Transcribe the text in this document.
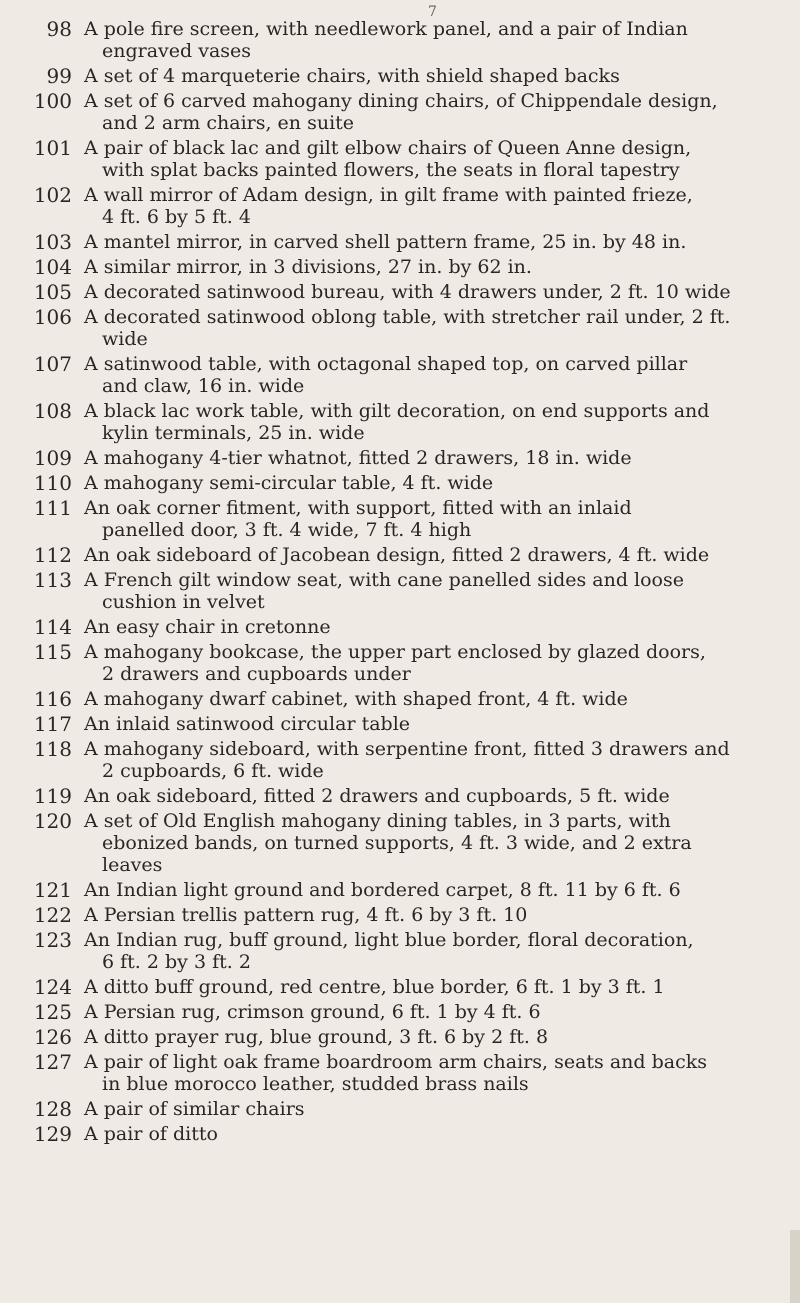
7
98 A pole fire screen, with needlework panel, and a pair of Indian
engraved vases
99 A set of 4 marqueterie chairs, with shield shaped backs
100 A set of 6 carved mahogany dining chairs, of Chippendale design,
and 2 arm chairs, en suite
101 A pair of black lac and gilt elbow chairs of Queen Anne design,
with splat backs painted flowers, the seats in floral tapestry
102 A wall mirror of Adam design, in gilt frame with painted frieze,
4 ft. 6 by 5 ft. 4
103 A mantel mirror, in carved shell pattern frame, 25 in. by 48 in.
104 A similar mirror, in 3 divisions, 27 in. by 62 in.
105 A decorated satinwood bureau, with 4 drawers under, 2 ft. 10 wide
106 A decorated satinwood oblong table, with stretcher rail under, 2 ft.
wide
107 A satinwood table, with octagonal shaped top, on carved pillar
and claw, 16 in. wide
108 A black lac work table, with gilt decoration, on end supports and
kylin terminals, 25 in. wide
109 A mahogany 4-tier whatnot, fitted 2 drawers, 18 in. wide
110 A mahogany semi-circular table, 4 ft. wide
111 An oak corner fitment, with support, fitted with an inlaid
panelled door, 3 ft. 4 wide, 7 ft. 4 high
112 An oak sideboard of Jacobean design, fitted 2 drawers, 4 ft. wide
113 A French gilt window seat, with cane panelled sides and loose
cushion in velvet
114 An easy chair in cretonne
115 A mahogany bookcase, the upper part enclosed by glazed doors,
2 drawers and cupboards under
116 A mahogany dwarf cabinet, with shaped front, 4 ft. wide
117 An inlaid satinwood circular table
118 A mahogany sideboard, with serpentine front, fitted 3 drawers and
2 cupboards, 6 ft. wide
119 An oak sideboard, fitted 2 drawers and cupboards, 5 ft. wide
120 A set of Old English mahogany dining tables, in 3 parts, with
ebonized bands, on turned supports, 4 ft. 3 wide, and 2 extra
leaves
121 An Indian light ground and bordered carpet, 8 ft. 11 by 6 ft. 6
122 A Persian trellis pattern rug, 4 ft. 6 by 3 ft. 10
123 An Indian rug, buff ground, light blue border, floral decoration,
6 ft. 2 by 3 ft. 2
124 A ditto buff ground, red centre, blue border, 6 ft. 1 by 3 ft. 1
125 A Persian rug, crimson ground, 6 ft. 1 by 4 ft. 6
126 A ditto prayer rug, blue ground, 3 ft. 6 by 2 ft. 8
127 A pair of light oak frame boardroom arm chairs, seats and backs
in blue morocco leather, studded brass nails
128 A pair of similar chairs
129 A pair of ditto
